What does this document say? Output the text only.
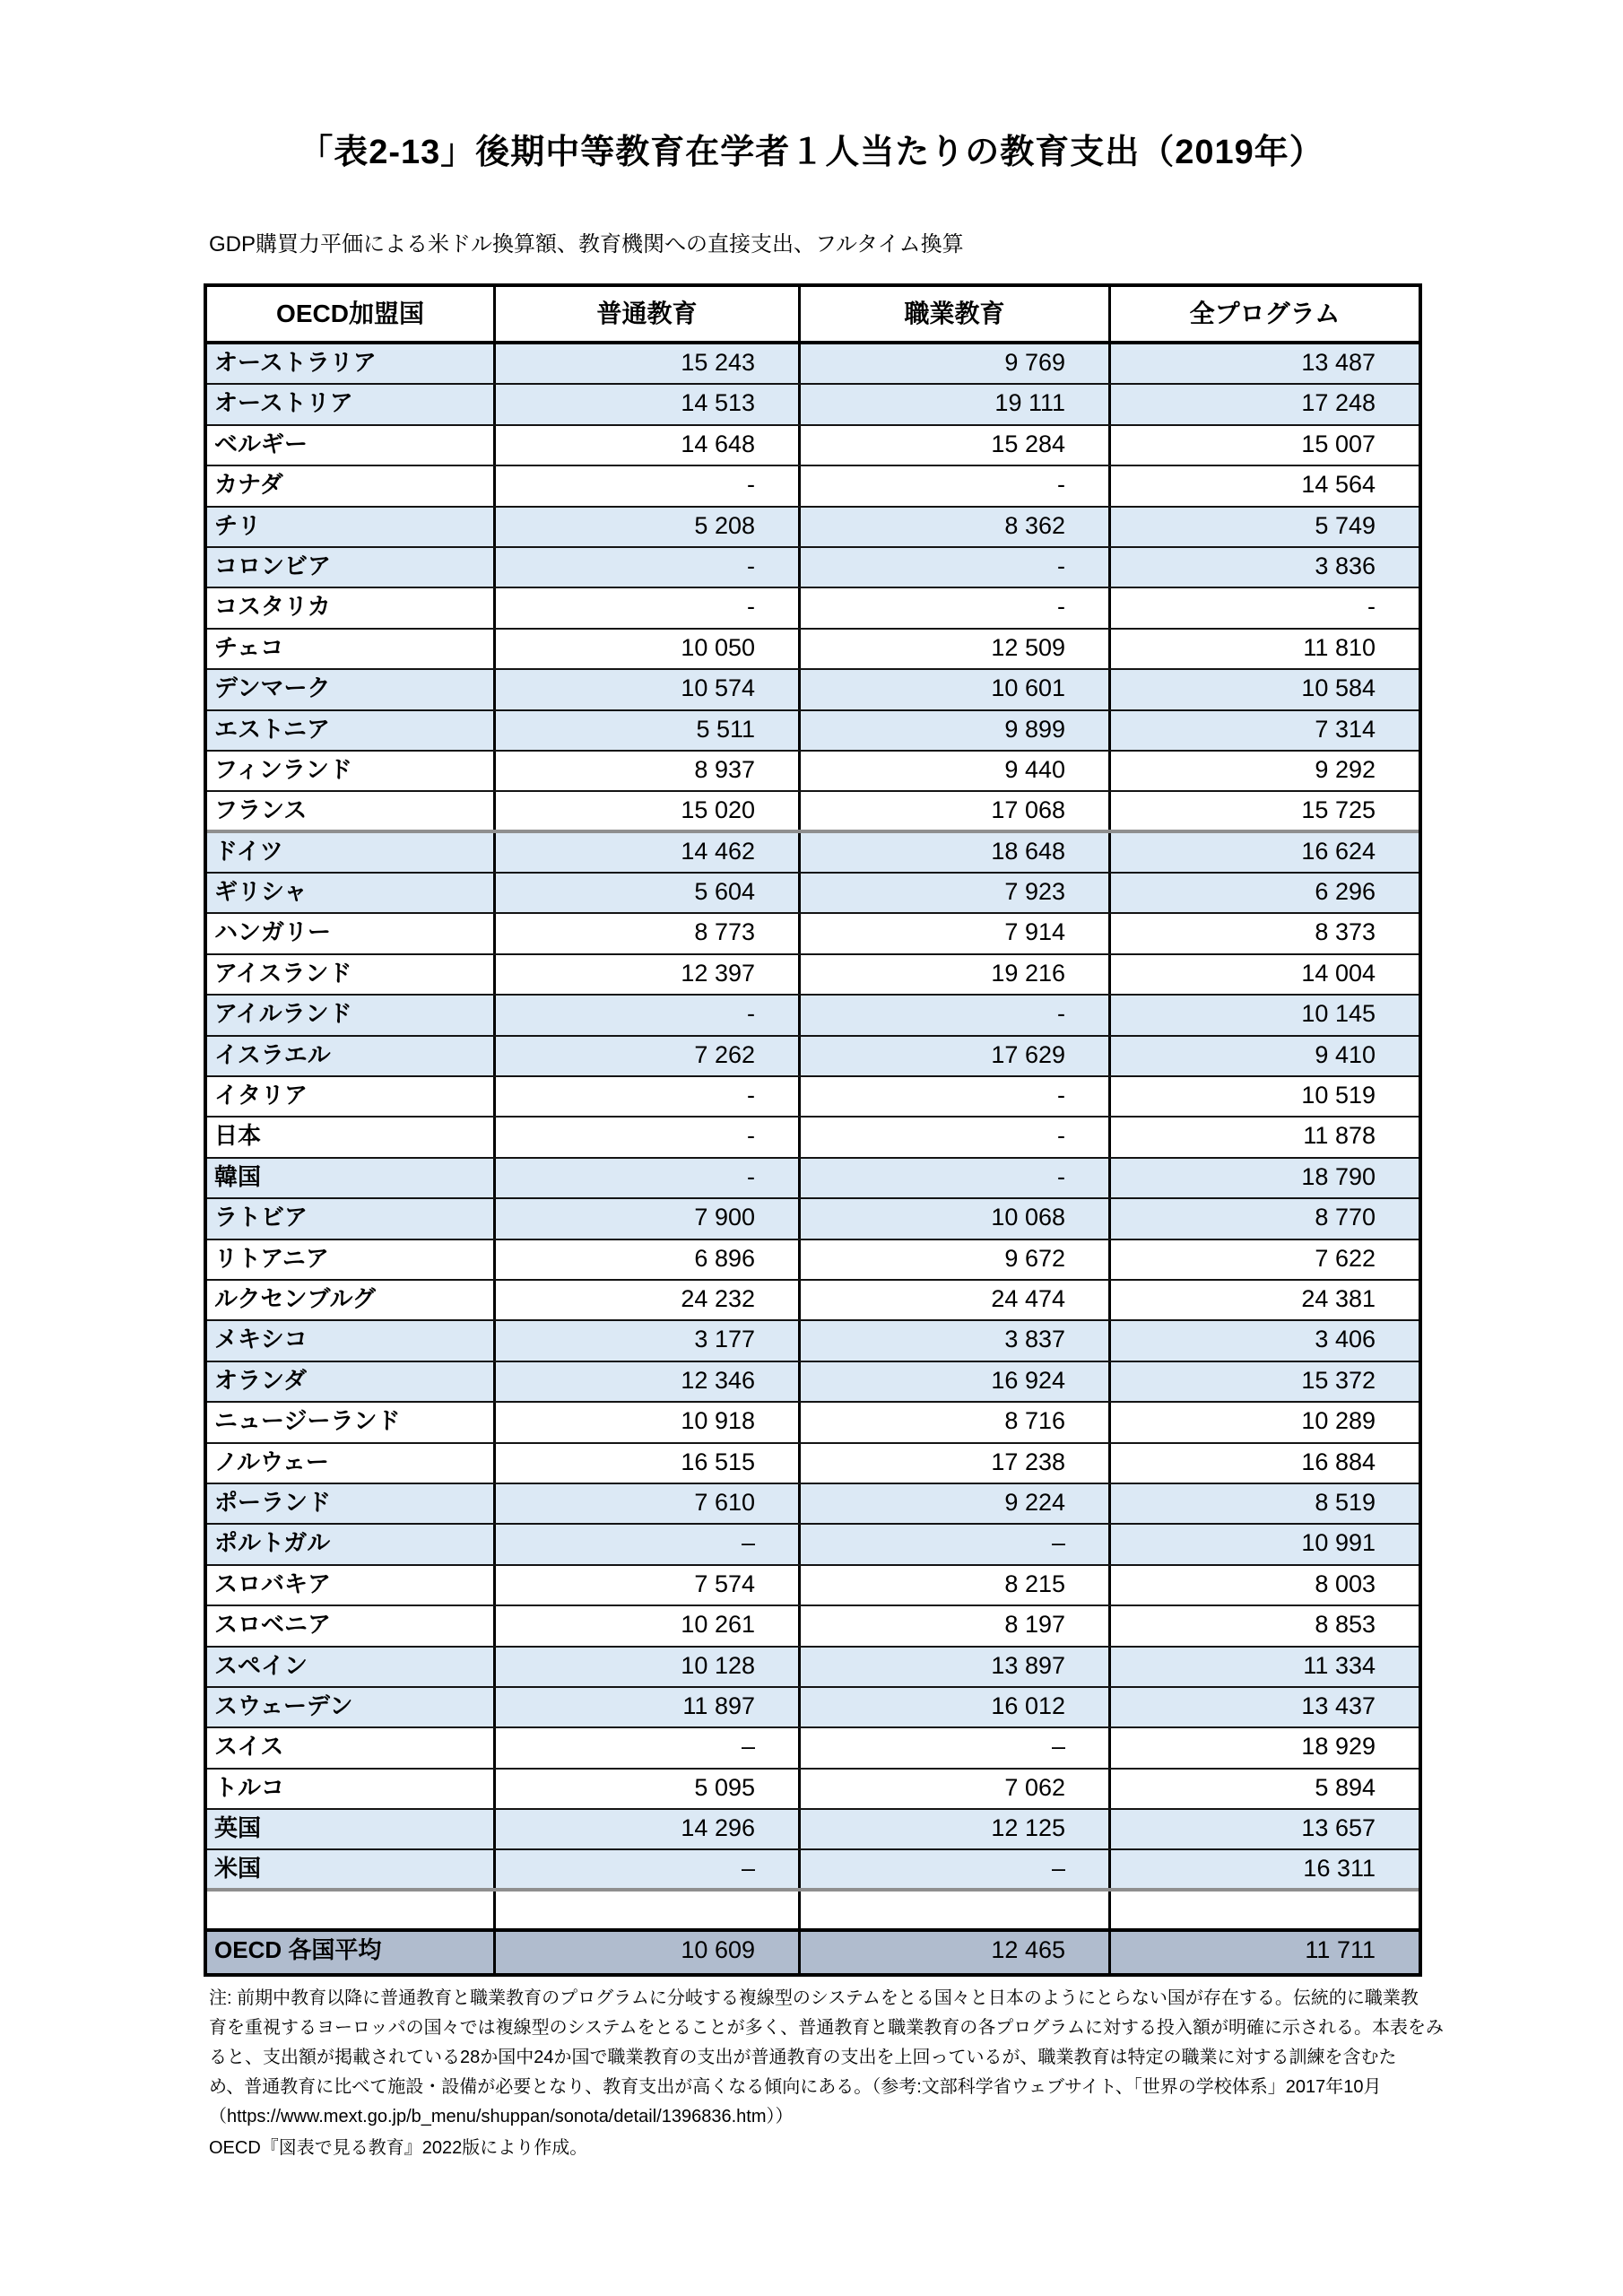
「表2-13」後期中等教育在学者１人当たりの教育支出（2019年）
GDP購買力平価による米ドル換算額、教育機関への直接支出、フルタイム換算
OECD加盟国	普通教育	職業教育	全プログラム
オーストラリア	15 243	9 769	13 487
オーストリア	14 513	19 111	17 248
ベルギー	14 648	15 284	15 007
カナダ	-	-	14 564
チリ	5 208	8 362	5 749
コロンビア	-	-	3 836
コスタリカ	-	-	-
チェコ	10 050	12 509	11 810
デンマーク	10 574	10 601	10 584
エストニア	5 511	9 899	7 314
フィンランド	8 937	9 440	9 292
フランス	15 020	17 068	15 725
ドイツ	14 462	18 648	16 624
ギリシャ	5 604	7 923	6 296
ハンガリー	8 773	7 914	8 373
アイスランド	12 397	19 216	14 004
アイルランド	-	-	10 145
イスラエル	7 262	17 629	9 410
イタリア	-	-	10 519
日本	-	-	11 878
韓国	-	-	18 790
ラトビア	7 900	10 068	8 770
リトアニア	6 896	9 672	7 622
ルクセンブルグ	24 232	24 474	24 381
メキシコ	3 177	3 837	3 406
オランダ	12 346	16 924	15 372
ニュージーランド	10 918	8 716	10 289
ノルウェー	16 515	17 238	16 884
ポーランド	7 610	9 224	8 519
ポルトガル	–	–	10 991
スロバキア	7 574	8 215	8 003
スロベニア	10 261	8 197	8 853
スペイン	10 128	13 897	11 334
スウェーデン	11 897	16 012	13 437
スイス	–	–	18 929
トルコ	5 095	7 062	5 894
英国	14 296	12 125	13 657
米国	–	–	16 311
OECD 各国平均	10 609	12 465	11 711
注: 前期中教育以降に普通教育と職業教育のプログラムに分岐する複線型のシステムをとる国々と日本のようにとらない国が存在する。伝統的に職業教
育を重視するヨーロッパの国々では複線型のシステムをとることが多く、普通教育と職業教育の各プログラムに対する投入額が明確に示される。本表をみ
ると、支出額が掲載されている28か国中24か国で職業教育の支出が普通教育の支出を上回っているが、職業教育は特定の職業に対する訓練を含むた
め、普通教育に比べて施設・設備が必要となり、教育支出が高くなる傾向にある。（参考:文部科学省ウェブサイト、「世界の学校体系」2017年10月
（https://www.mext.go.jp/b_menu/shuppan/sonota/detail/1396836.htm））
OECD『図表で見る教育』2022版により作成。
